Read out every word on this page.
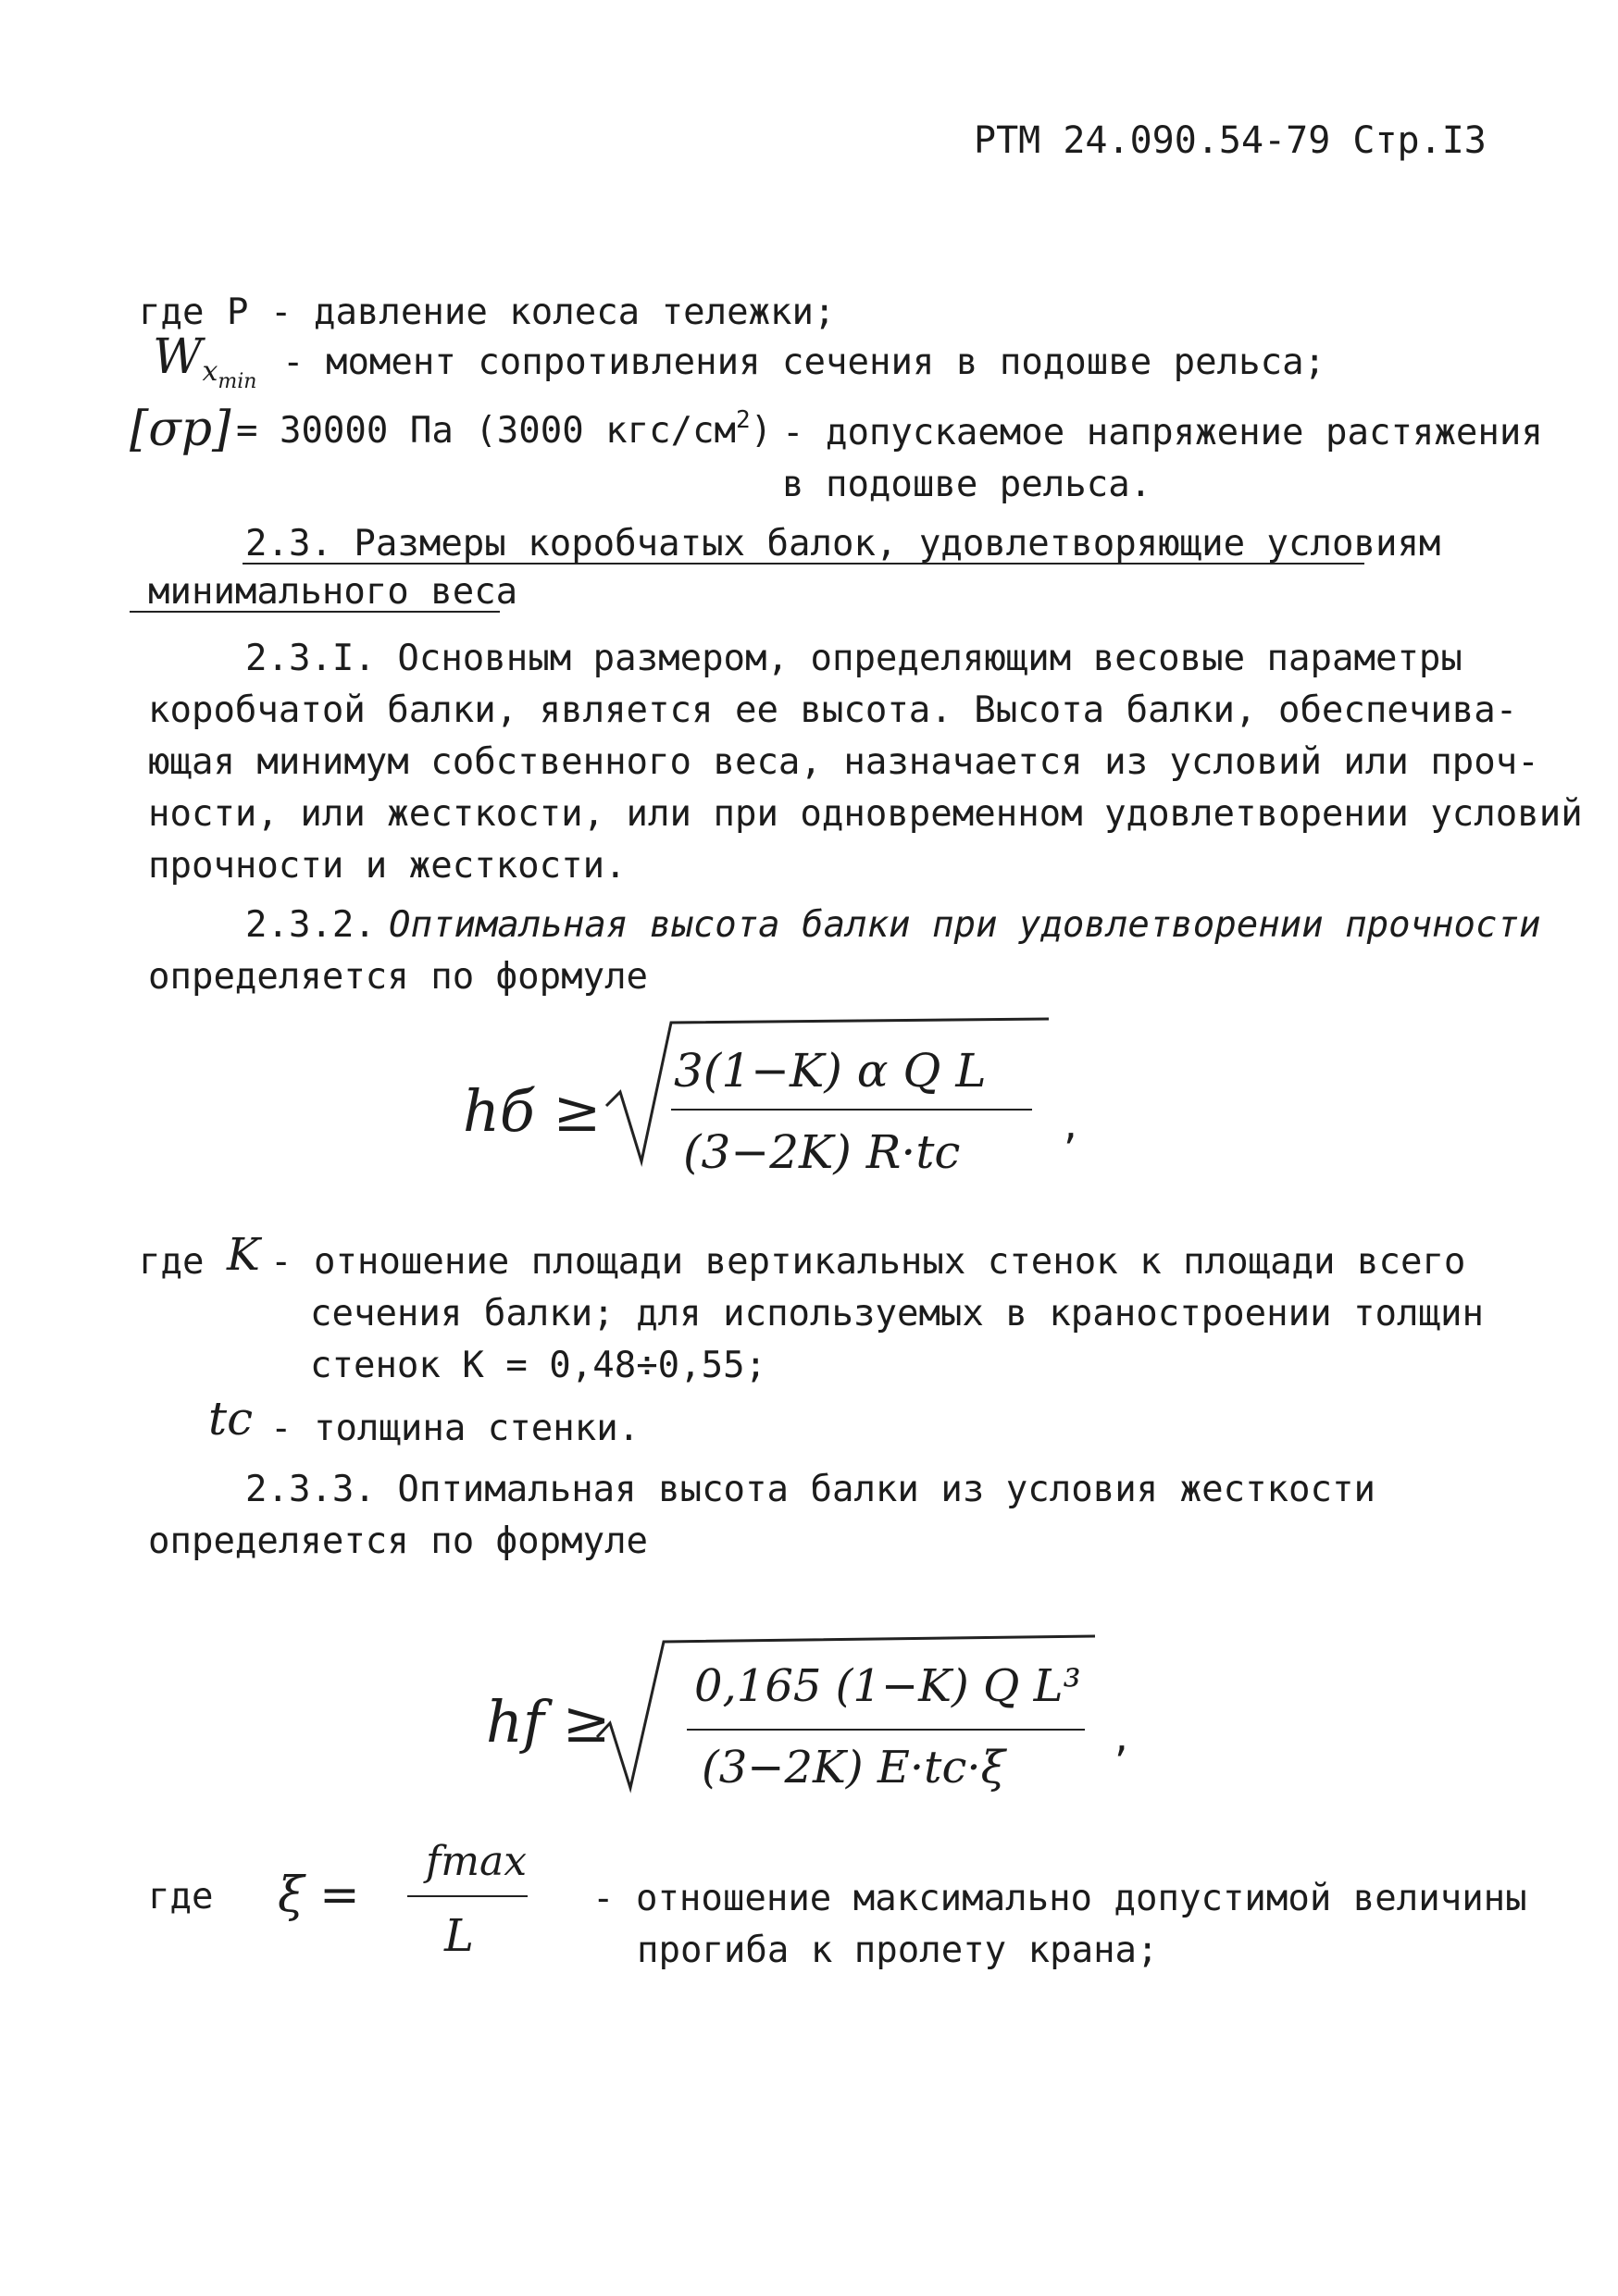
РТМ 24.090.54-79 Стр.I3
где Р - давление колеса тележки;
$Wx_{min}$ - момент сопротивления сечения в подошве рельса;
[σp] = 30000 Па (3000 кгс/$см^2$) - допускаемое напряжение растяжения
в подошве рельса.
2.3. Размеры коробчатых балок, удовлетворяющие условиям
минимального веса
2.3.I. Основным размером, определяющим весовые параметры
коробчатой балки, является ее высота. Высота балки, обеспечива-
ющая минимум собственного веса, назначается из условий или проч-
ности, или жесткости, или при одновременном удовлетворении условий
прочности и жесткости.
2.3.2. Оптимальная высота балки при удовлетворении прочности
определяется по формуле
hб ≥
3(1−K) α Q L
(3−2K) R·tc	,
где K - отношение площади вертикальных стенок к площади всего
сечения балки; для используемых в краностроении толщин
стенок К = 0,48÷0,55;
tc - толщина стенки.
2.3.3. Оптимальная высота балки из условия жесткости
определяется по формуле
hf ≥
0,165 (1−K) Q L³
(3−2K) E·tc·ξ
,
где ξ =
fmax
L
- отношение максимально допустимой величины
прогиба к пролету крана;
